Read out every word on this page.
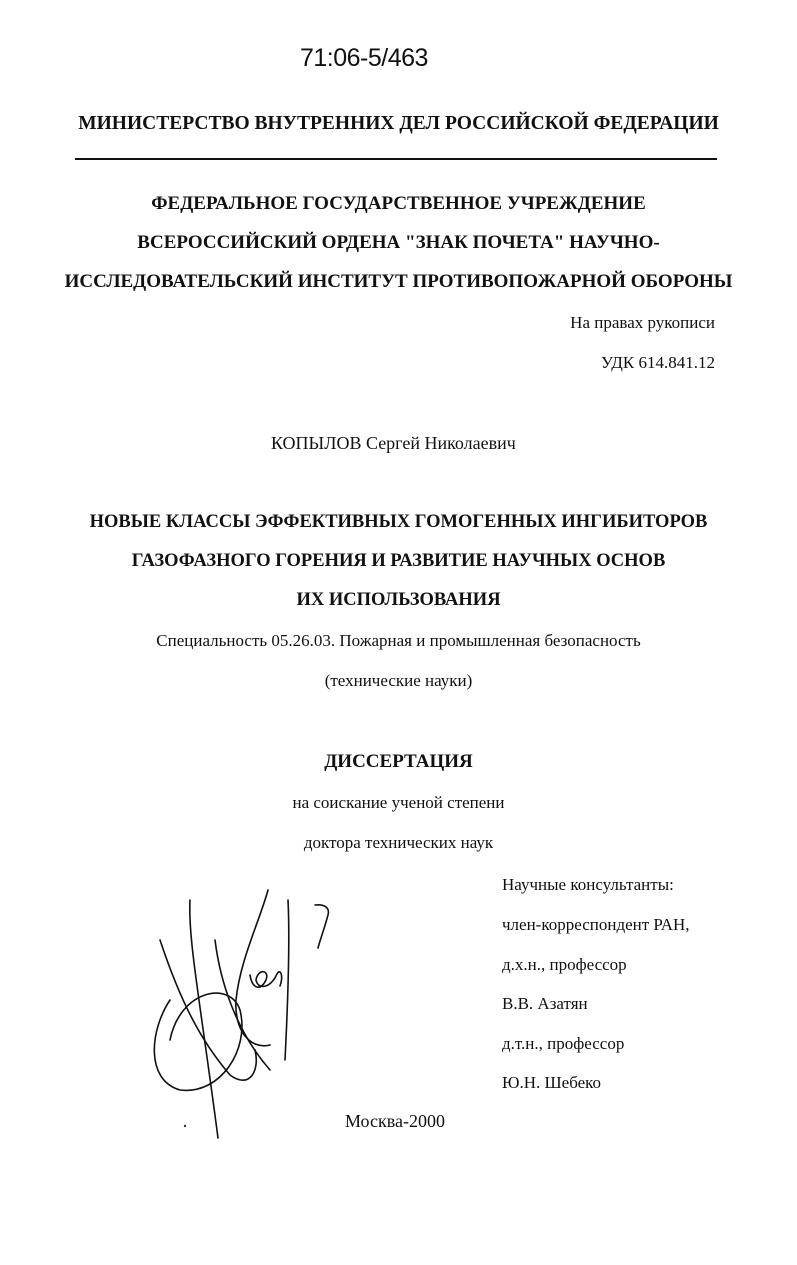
71:06-5/463
МИНИСТЕРСТВО ВНУТРЕННИХ ДЕЛ РОССИЙСКОЙ ФЕДЕРАЦИИ
ФЕДЕРАЛЬНОЕ ГОСУДАРСТВЕННОЕ УЧРЕЖДЕНИЕ
ВСЕРОССИЙСКИЙ ОРДЕНА "ЗНАК ПОЧЕТА" НАУЧНО-
ИССЛЕДОВАТЕЛЬСКИЙ ИНСТИТУТ ПРОТИВОПОЖАРНОЙ ОБОРОНЫ
На правах рукописи
УДК 614.841.12
КОПЫЛОВ Сергей Николаевич
НОВЫЕ КЛАССЫ ЭФФЕКТИВНЫХ ГОМОГЕННЫХ ИНГИБИТОРОВ
ГАЗОФАЗНОГО ГОРЕНИЯ И РАЗВИТИЕ НАУЧНЫХ ОСНОВ
ИХ ИСПОЛЬЗОВАНИЯ
Специальность 05.26.03. Пожарная и промышленная безопасность
(технические науки)
ДИССЕРТАЦИЯ
на соискание ученой степени
доктора технических наук
Научные консультанты:
член-корреспондент РАН,
д.х.н., профессор
В.В. Азатян
д.т.н., профессор
Ю.Н. Шебеко
Москва-2000
